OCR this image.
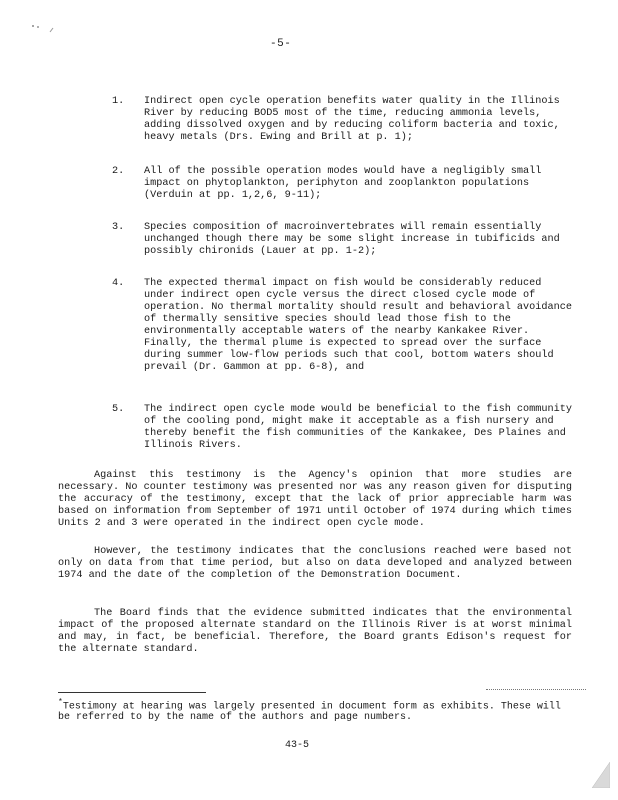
-5-
1.	Indirect open cycle operation benefits water quality in the Illinois River by reducing BOD5 most of the time, reducing ammonia levels, adding dissolved oxygen and by reducing coliform bacteria and toxic, heavy metals (Drs. Ewing and Brill at p. 1);
2.	All of the possible operation modes would have a negligibly small impact on phytoplankton, periphyton and zooplankton populations (Verduin at pp. 1,2,6, 9-11);
3.	Species composition of macroinvertebrates will remain essentially unchanged though there may be some slight increase in tubificids and possibly chironids (Lauer at pp. 1-2);
4.	The expected thermal impact on fish would be considerably reduced under indirect open cycle versus the direct closed cycle mode of operation. No thermal mortality should result and behavioral avoidance of thermally sensitive species should lead those fish to the environmentally acceptable waters of the nearby Kankakee River. Finally, the thermal plume is expected to spread over the surface during summer low-flow periods such that cool, bottom waters should prevail (Dr. Gammon at pp. 6-8), and
5.	The indirect open cycle mode would be beneficial to the fish community of the cooling pond, might make it acceptable as a fish nursery and thereby benefit the fish communities of the Kankakee, Des Plaines and Illinois Rivers.
Against this testimony is the Agency's opinion that more studies are necessary. No counter testimony was presented nor was any reason given for disputing the accuracy of the testimony, except that the lack of prior appreciable harm was based on information from September of 1971 until October of 1974 during which times Units 2 and 3 were operated in the indirect open cycle mode.
However, the testimony indicates that the conclusions reached were based not only on data from that time period, but also on data developed and analyzed between 1974 and the date of the completion of the Demonstration Document.
The Board finds that the evidence submitted indicates that the environmental impact of the proposed alternate standard on the Illinois River is at worst minimal and may, in fact, be beneficial. Therefore, the Board grants Edison's request for the alternate standard.
*Testimony at hearing was largely presented in document form as exhibits. These will be referred to by the name of the authors and page numbers.
43-5
